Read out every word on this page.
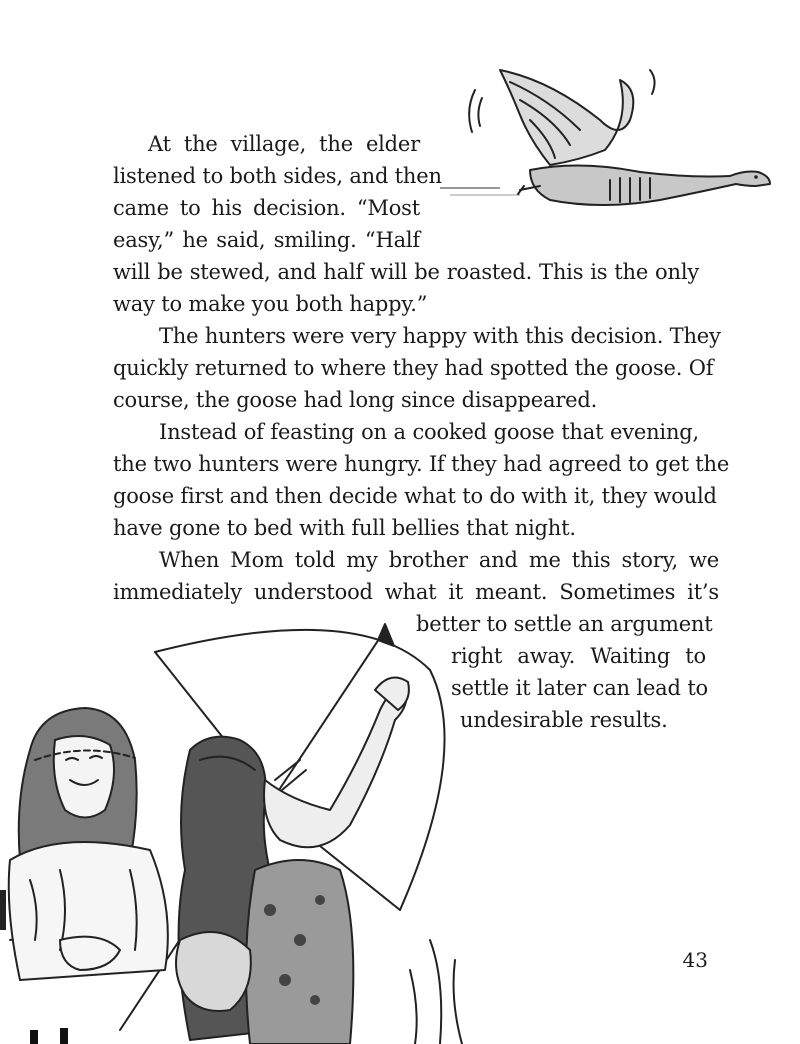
At the village, the elder
listened to both sides, and then
came to his decision. “Most
easy,” he said, smiling. “Half
will be stewed, and half will be roasted. This is the only
way to make you both happy.”
The hunters were very happy with this decision. They
quickly returned to where they had spotted the goose. Of
course, the goose had long since disappeared.
Instead of feasting on a cooked goose that evening,
the two hunters were hungry. If they had agreed to get the
goose first and then decide what to do with it, they would
have gone to bed with full bellies that night.
When Mom told my brother and me this story, we
immediately understood what it meant. Sometimes it’s
better to settle an argument
right away. Waiting to
settle it later can lead to
undesirable results.
43
